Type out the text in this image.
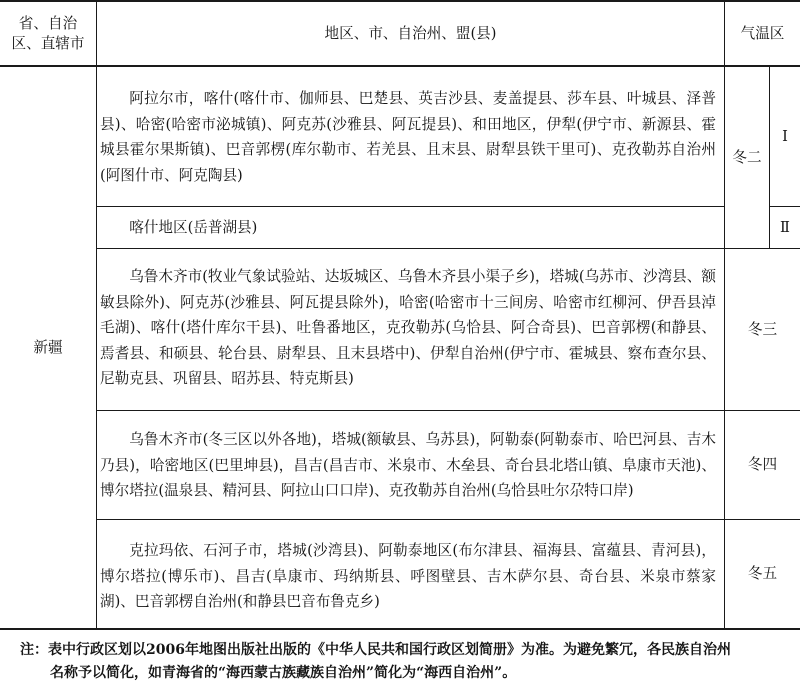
省、自治区、直辖市
地区、市、自治州、盟(县)	气温区
新疆
阿拉尔市，喀什(喀什市、伽师县、巴楚县、英吉沙县、麦盖提县、莎车县、叶城县、泽普县)、哈密(哈密市泌城镇)、阿克苏(沙雅县、阿瓦提县)、和田地区，伊犁(伊宁市、新源县、霍城县霍尔果斯镇)、巴音郭楞(库尔勒市、若羌县、且末县、尉犁县铁干里可)、克孜勒苏自治州(阿图什市、阿克陶县)
冬二
Ⅰ
喀什地区(岳普湖县)	Ⅱ
乌鲁木齐市(牧业气象试验站、达坂城区、乌鲁木齐县小渠子乡)，塔城(乌苏市、沙湾县、额敏县除外)、阿克苏(沙雅县、阿瓦提县除外)，哈密(哈密市十三间房、哈密市红柳河、伊吾县淖毛湖)、喀什(塔什库尔干县)、吐鲁番地区，克孜勒苏(乌恰县、阿合奇县)、巴音郭楞(和静县、焉耆县、和硕县、轮台县、尉犁县、且末县塔中)、伊犁自治州(伊宁市、霍城县、察布查尔县、尼勒克县、巩留县、昭苏县、特克斯县)
冬三
乌鲁木齐市(冬三区以外各地)，塔城(额敏县、乌苏县)，阿勒泰(阿勒泰市、哈巴河县、吉木乃县)，哈密地区(巴里坤县)，昌吉(昌吉市、米泉市、木垒县、奇台县北塔山镇、阜康市天池)、博尔塔拉(温泉县、精河县、阿拉山口口岸)、克孜勒苏自治州(乌恰县吐尔尕特口岸)
冬四
克拉玛依、石河子市，塔城(沙湾县)、阿勒泰地区(布尔津县、福海县、富蕴县、青河县)，博尔塔拉(博乐市)、昌吉(阜康市、玛纳斯县、呼图壁县、吉木萨尔县、奇台县、米泉市蔡家湖)、巴音郭楞自治州(和静县巴音布鲁克乡)
冬五
注：表中行政区划以2006年地图出版社出版的《中华人民共和国行政区划简册》为准。为避免繁冗，各民族自治州
名称予以简化，如青海省的“海西蒙古族藏族自治州”简化为“海西自治州”。
